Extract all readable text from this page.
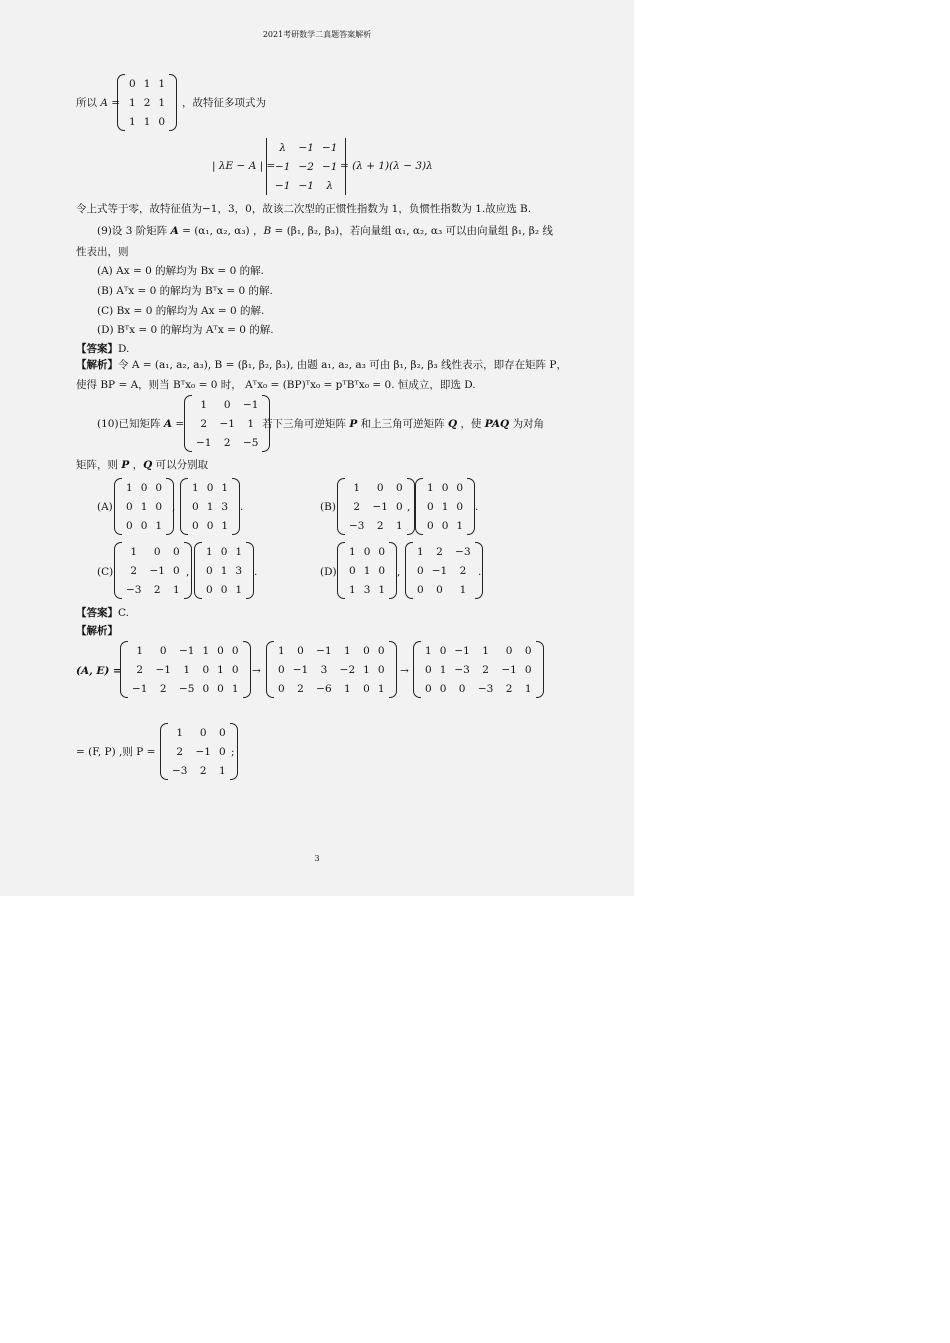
2021考研数学二真题答案解析
所以 A =
0	1	1
1	2	1
1	1	0
，故特征多项式为
| λE − A | =
λ	−1	−1
−1	−2	−1
−1	−1	λ
= (λ + 1)(λ − 3)λ
令上式等于零，故特征值为−1，3，0，故该二次型的正惯性指数为 1，负惯性指数为 1.故应选 B.
(9)设 3 阶矩阵 A = (α₁, α₂, α₃) ，B = (β₁, β₂, β₃)，若向量组 α₁, α₂, α₃ 可以由向量组 β₁, β₂ 线
性表出，则
(A) Ax = 0 的解均为 Bx = 0 的解.
(B) Aᵀx = 0 的解均为 Bᵀx = 0 的解.
(C) Bx = 0 的解均为 Ax = 0 的解.
(D) Bᵀx = 0 的解均为 Aᵀx = 0 的解.
【答案】D.
【解析】令 A = (a₁, a₂, a₃), B = (β₁, β₂, β₃), 由题 a₁, a₂, a₃ 可由 β₁, β₂, β₃ 线性表示，即存在矩阵 P，
使得 BP = A，则当 Bᵀx₀ = 0 时， Aᵀx₀ = (BP)ᵀx₀ = pᵀBᵀx₀ = 0. 恒成立，即选 D.
(10)已知矩阵 A =
1	0	−1
2	−1	1
−1	2	−5
若下三角可逆矩阵 P 和上三角可逆矩阵 Q ，使 PAQ 为对角
矩阵，则 P ，Q 可以分别取
(A)
1	0	0
0	1	0
0	0	1
,
1	0	1
0	1	3
0	0	1
.	(B)
1	0	0
2	−1	0
−3	2	1
,
1	0	0
0	1	0
0	0	1
.
(C)
1	0	0
2	−1	0
−3	2	1
,
1	0	1
0	1	3
0	0	1
.	(D)
1	0	0
0	1	0
1	3	1
,
1	2	−3
0	−1	2
0	0	1
.
【答案】C.
【解析】
(A, E) =
1	0	−1	1	0	0
2	−1	1	0	1	0
−1	2	−5	0	0	1
→
1	0	−1	1	0	0
0	−1	3	−2	1	0
0	2	−6	1	0	1
→
1	0	−1	1	0	0
0	1	−3	2	−1	0
0	0	0	−3	2	1
= (F, P) ,则 P =
1	0	0
2	−1	0
−3	2	1
;
3
